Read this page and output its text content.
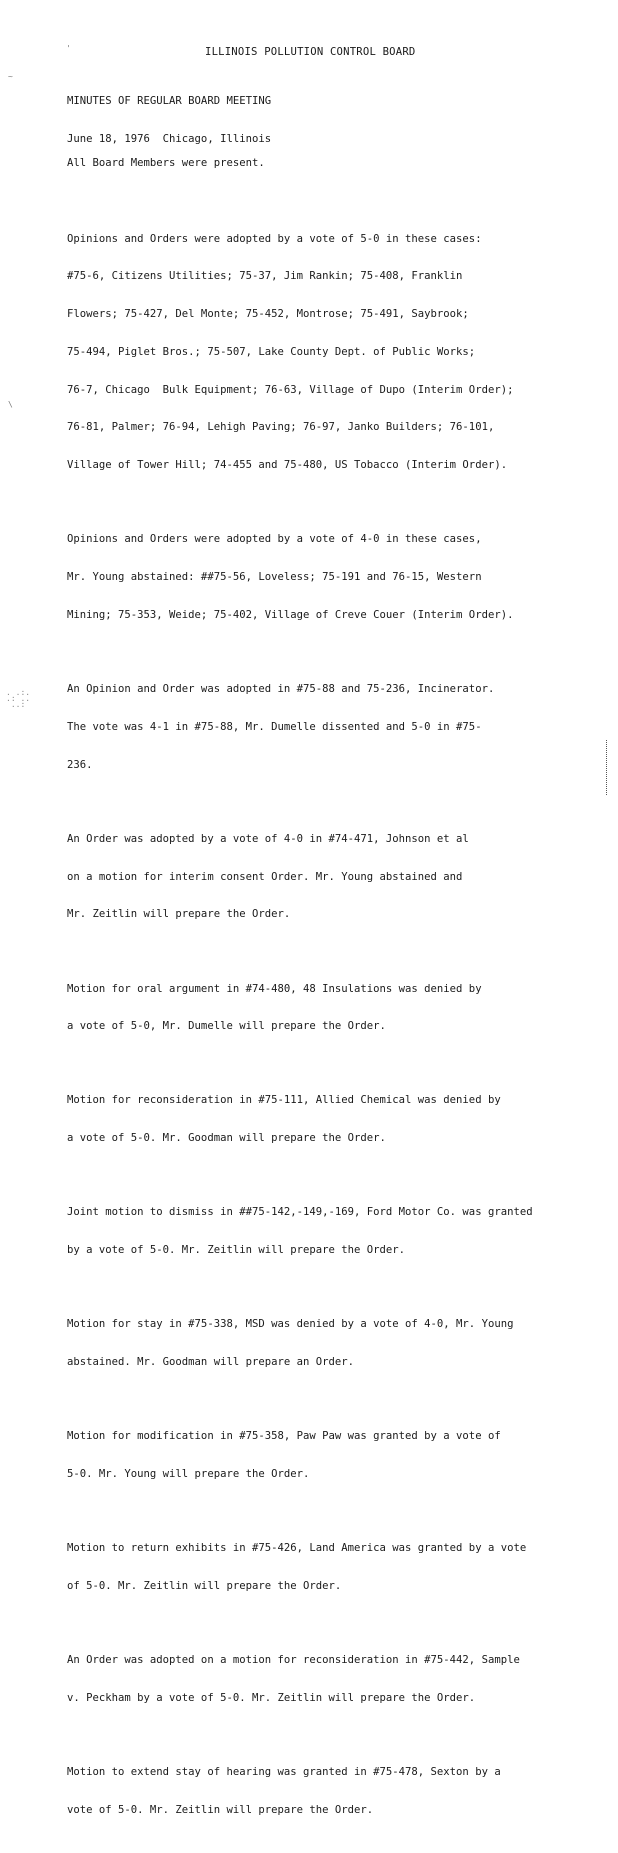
'
~
\
. .:.
.: ..
..:
ILLINOIS POLLUTION CONTROL BOARD

MINUTES OF REGULAR BOARD MEETING

June 18, 1976  Chicago, Illinois

All Board Members were present.

Opinions and Orders were adopted by a vote of 5-0 in these cases:

#75-6, Citizens Utilities; 75-37, Jim Rankin; 75-408, Franklin

Flowers; 75-427, Del Monte; 75-452, Montrose; 75-491, Saybrook;

75-494, Piglet Bros.; 75-507, Lake County Dept. of Public Works;

76-7, Chicago  Bulk Equipment; 76-63, Village of Dupo (Interim Order);

76-81, Palmer; 76-94, Lehigh Paving; 76-97, Janko Builders; 76-101,

Village of Tower Hill; 74-455 and 75-480, US Tobacco (Interim Order).

Opinions and Orders were adopted by a vote of 4-0 in these cases,

Mr. Young abstained: ##75-56, Loveless; 75-191 and 76-15, Western

Mining; 75-353, Weide; 75-402, Village of Creve Couer (Interim Order).

An Opinion and Order was adopted in #75-88 and 75-236, Incinerator.

The vote was 4-1 in #75-88, Mr. Dumelle dissented and 5-0 in #75-

236.

An Order was adopted by a vote of 4-0 in #74-471, Johnson et al

on a motion for interim consent Order. Mr. Young abstained and

Mr. Zeitlin will prepare the Order.

Motion for oral argument in #74-480, 48 Insulations was denied by

a vote of 5-0, Mr. Dumelle will prepare the Order.

Motion for reconsideration in #75-111, Allied Chemical was denied by

a vote of 5-0. Mr. Goodman will prepare the Order.

Joint motion to dismiss in ##75-142,-149,-169, Ford Motor Co. was granted

by a vote of 5-0. Mr. Zeitlin will prepare the Order.

Motion for stay in #75-338, MSD was denied by a vote of 4-0, Mr. Young

abstained. Mr. Goodman will prepare an Order.

Motion for modification in #75-358, Paw Paw was granted by a vote of

5-0. Mr. Young will prepare the Order.

Motion to return exhibits in #75-426, Land America was granted by a vote

of 5-0. Mr. Zeitlin will prepare the Order.

An Order was adopted on a motion for reconsideration in #75-442, Sample

v. Peckham by a vote of 5-0. Mr. Zeitlin will prepare the Order.

Motion to extend stay of hearing was granted in #75-478, Sexton by a

vote of 5-0. Mr. Zeitlin will prepare the Order.
